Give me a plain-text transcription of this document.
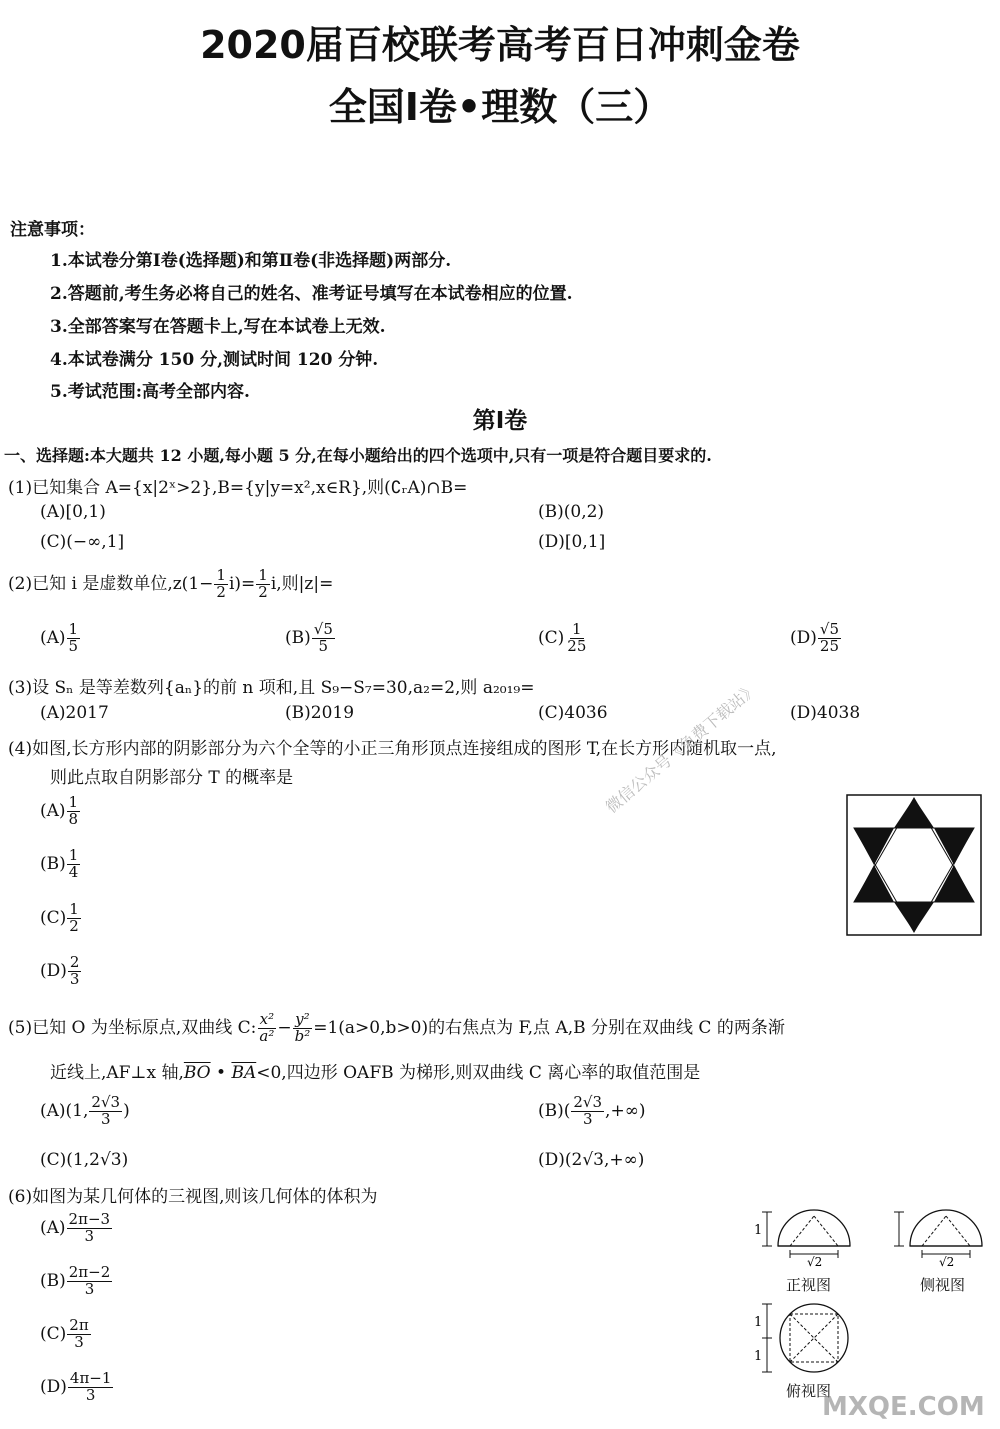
2020届百校联考高考百日冲刺金卷
全国Ⅰ卷•理数（三）
注意事项：
1.本试卷分第Ⅰ卷(选择题)和第Ⅱ卷(非选择题)两部分.
2.答题前,考生务必将自己的姓名、准考证号填写在本试卷相应的位置.
3.全部答案写在答题卡上,写在本试卷上无效.
4.本试卷满分 150 分,测试时间 120 分钟.
5.考试范围:高考全部内容.
第Ⅰ卷
一、选择题:本大题共 12 小题,每小题 5 分,在每小题给出的四个选项中,只有一项是符合题目要求的.
(1)已知集合 A={x|2ˣ>2},B={y|y=x²,x∈R},则(∁ᵣA)∩B=
(A)[0,1)	(B)(0,2)
(C)(−∞,1]	(D)[0,1]
(2)已知 i 是虚数单位$,z(1- \frac{1}{2} i)= \frac{1}{2} i$,则|z|=
$(A) \frac{1}{5}$	$(B) \frac{√5}{5}$	$(C) \frac{1}{25}$	$(D) \frac{√5}{25}$
(3)设 Sₙ 是等差数列{aₙ}的前 n 项和,且 S₉−S₇=30,a₂=2,则 a₂₀₁₉=
(A)2017	(B)2019	(C)4036	(D)4038
(4)如图,长方形内部的阴影部分为六个全等的小正三角形顶点连接组成的图形 T,在长方形内随机取一点,
则此点取自阴影部分 T 的概率是
$(A) \frac{1}{8}$
$(B) \frac{1}{4}$
$(C) \frac{1}{2}$
$(D) \frac{2}{3}$
微信公众号《免费下载站》
(5)已知 O 为坐标原点,双曲线 C: $\frac{\text{x²}}{\text{a²}} - \frac{\text{y²}}{\text{b²}} =1(a>0,b>0)$的右焦点为 F,点 A,B 分别在双曲线 C 的两条渐
近线上,AF⊥x 轴$,\overline{BO}$ • $\overline{BA}<0$,四边形 OAFB 为梯形,则双曲线 C 离心率的取值范围是
(A)(1, $\frac{2√3}{3}$ )	$(B)( \frac{2√3}{3}$ ,+∞)
(C)(1,2√3)	(D)(2√3,+∞)
(6)如图为某几何体的三视图,则该几何体的体积为
$(A) \frac{2\pi-3}{3}$
$(B) \frac{2\pi-2}{3}$
$(C) \frac{2\pi}{3}$
$(D) \frac{4\pi-1}{3}$
1
√2
正视图
√2
侧视图
1
1
俯视图
MXQE.COM
